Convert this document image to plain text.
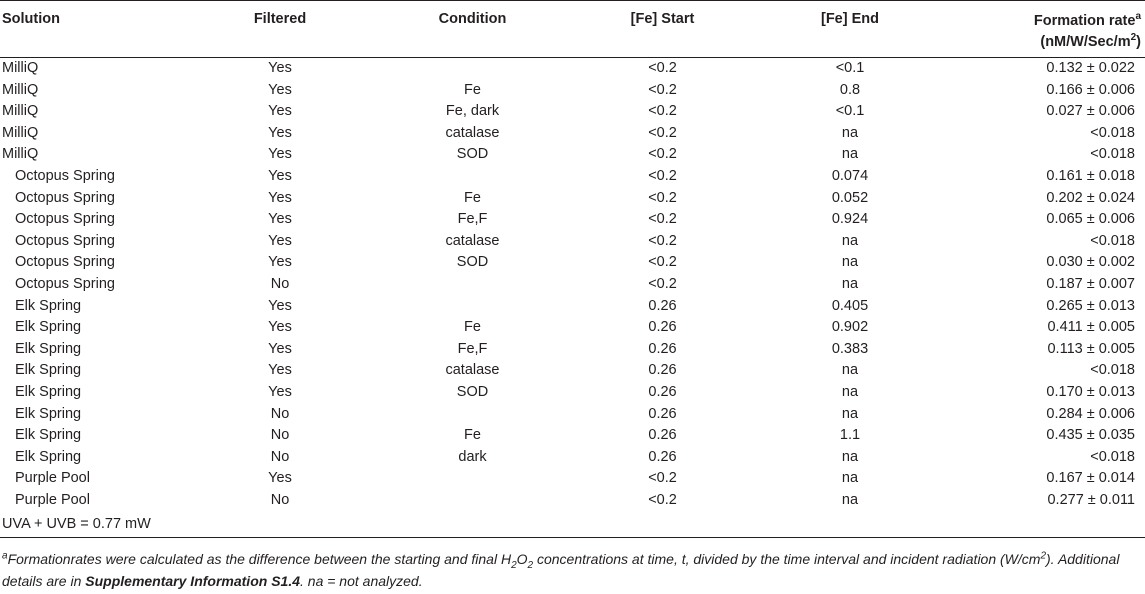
Solution	Filtered	Condition	[Fe] Start	[Fe] End	Formation rate$^a$
$(nM/W/Sec/m^2)$
MilliQ	Yes		<0.2	<0.1	0.132 ± 0.022
MilliQ	Yes	Fe	<0.2	0.8	0.166 ± 0.006
MilliQ	Yes	Fe, dark	<0.2	<0.1	0.027 ± 0.006
MilliQ	Yes	catalase	<0.2	na	<0.018
MilliQ	Yes	SOD	<0.2	na	<0.018
Octopus Spring	Yes		<0.2	0.074	0.161 ± 0.018
Octopus Spring	Yes	Fe	<0.2	0.052	0.202 ± 0.024
Octopus Spring	Yes	Fe,F	<0.2	0.924	0.065 ± 0.006
Octopus Spring	Yes	catalase	<0.2	na	<0.018
Octopus Spring	Yes	SOD	<0.2	na	0.030 ± 0.002
Octopus Spring	No		<0.2	na	0.187 ± 0.007
Elk Spring	Yes		0.26	0.405	0.265 ± 0.013
Elk Spring	Yes	Fe	0.26	0.902	0.411 ± 0.005
Elk Spring	Yes	Fe,F	0.26	0.383	0.113 ± 0.005
Elk Spring	Yes	catalase	0.26	na	<0.018
Elk Spring	Yes	SOD	0.26	na	0.170 ± 0.013
Elk Spring	No		0.26	na	0.284 ± 0.006
Elk Spring	No	Fe	0.26	1.1	0.435 ± 0.035
Elk Spring	No	dark	0.26	na	<0.018
Purple Pool	Yes		<0.2	na	0.167 ± 0.014
Purple Pool	No		<0.2	na	0.277 ± 0.011
UVA + UVB = 0.77 mW					
$^a$Formationrates were calculated as the difference between the starting and final $H_2O_2$ concentrations at time, t, divided by the time interval and incident radiation $(W/cm^2)$. Additional details are in Supplementary Information S1.4. na = not analyzed.
